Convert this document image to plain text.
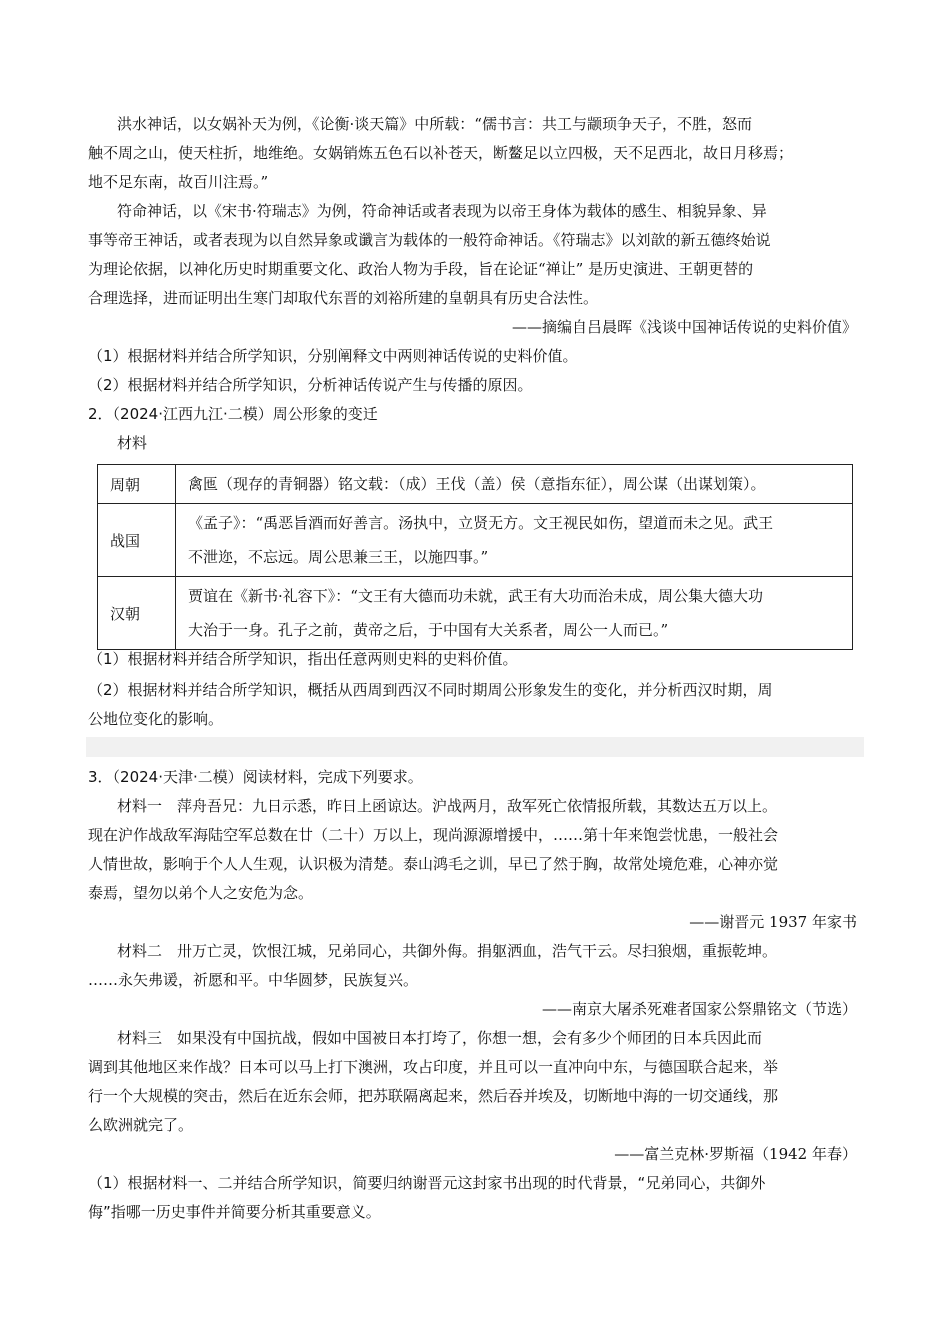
洪水神话，以女娲补天为例，《论衡·谈天篇》中所载：“儒书言：共工与颛顼争天子，不胜，怒而
触不周之山，使天柱折，地维绝。女娲销炼五色石以补苍天，断鳌足以立四极，天不足西北，故日月移焉；
地不足东南，故百川注焉。”
符命神话，以《宋书·符瑞志》为例，符命神话或者表现为以帝王身体为载体的感生、相貌异象、异
事等帝王神话，或者表现为以自然异象或谶言为载体的一般符命神话。《符瑞志》以刘歆的新五德终始说
为理论依据，以神化历史时期重要文化、政治人物为手段，旨在论证“禅让” 是历史演进、王朝更替的
合理选择，进而证明出生寒门却取代东晋的刘裕所建的皇朝具有历史合法性。
——摘编自吕晨晖《浅谈中国神话传说的史料价值》
（1）根据材料并结合所学知识，分别阐释文中两则神话传说的史料价值。
（2）根据材料并结合所学知识，分析神话传说产生与传播的原因。
2．（2024·江西九江·二模）周公形象的变迁
材料
周朝	禽匜（现存的青铜器）铭文载：（成）王伐（盖）侯（意指东征），周公谋（出谋划策）。

战国	《孟子》：“禹恶旨酒而好善言。汤执中，立贤无方。文王视民如伤，望道而未之见。武王
不泄迩，不忘远。周公思兼三王，以施四事。”

汉朝	贾谊在《新书·礼容下》：“文王有大德而功未就，武王有大功而治未成，周公集大德大功
大治于一身。孔子之前，黄帝之后，于中国有大关系者，周公一人而已。”
（1）根据材料并结合所学知识，指出任意两则史料的史料价值。
（2）根据材料并结合所学知识，概括从西周到西汉不同时期周公形象发生的变化，并分析西汉时期，周
公地位变化的影响。
3．（2024·天津·二模）阅读材料，完成下列要求。
材料一　萍舟吾兄：九日示悉，昨日上函谅达。沪战两月，敌军死亡依情报所载，其数达五万以上。
现在沪作战敌军海陆空军总数在廿（二十）万以上，现尚源源增援中，……第十年来饱尝忧患，一般社会
人情世故，影响于个人人生观，认识极为清楚。泰山鸿毛之训，早已了然于胸，故常处境危难，心神亦觉
泰焉，望勿以弟个人之安危为念。
——谢晋元 1937 年家书
材料二　卅万亡灵，饮恨江城，兄弟同心，共御外侮。捐躯洒血，浩气干云。尽扫狼烟，重振乾坤。
……永矢弗谖，祈愿和平。中华圆梦，民族复兴。
——南京大屠杀死难者国家公祭鼎铭文（节选）
材料三　如果没有中国抗战，假如中国被日本打垮了，你想一想，会有多少个师团的日本兵因此而
调到其他地区来作战？日本可以马上打下澳洲，攻占印度，并且可以一直冲向中东，与德国联合起来，举
行一个大规模的突击，然后在近东会师，把苏联隔离起来，然后吞并埃及，切断地中海的一切交通线，那
么欧洲就完了。
——富兰克林·罗斯福（1942 年春）
（1）根据材料一、二并结合所学知识，简要归纳谢晋元这封家书出现的时代背景，“兄弟同心，共御外
侮”指哪一历史事件并简要分析其重要意义。
